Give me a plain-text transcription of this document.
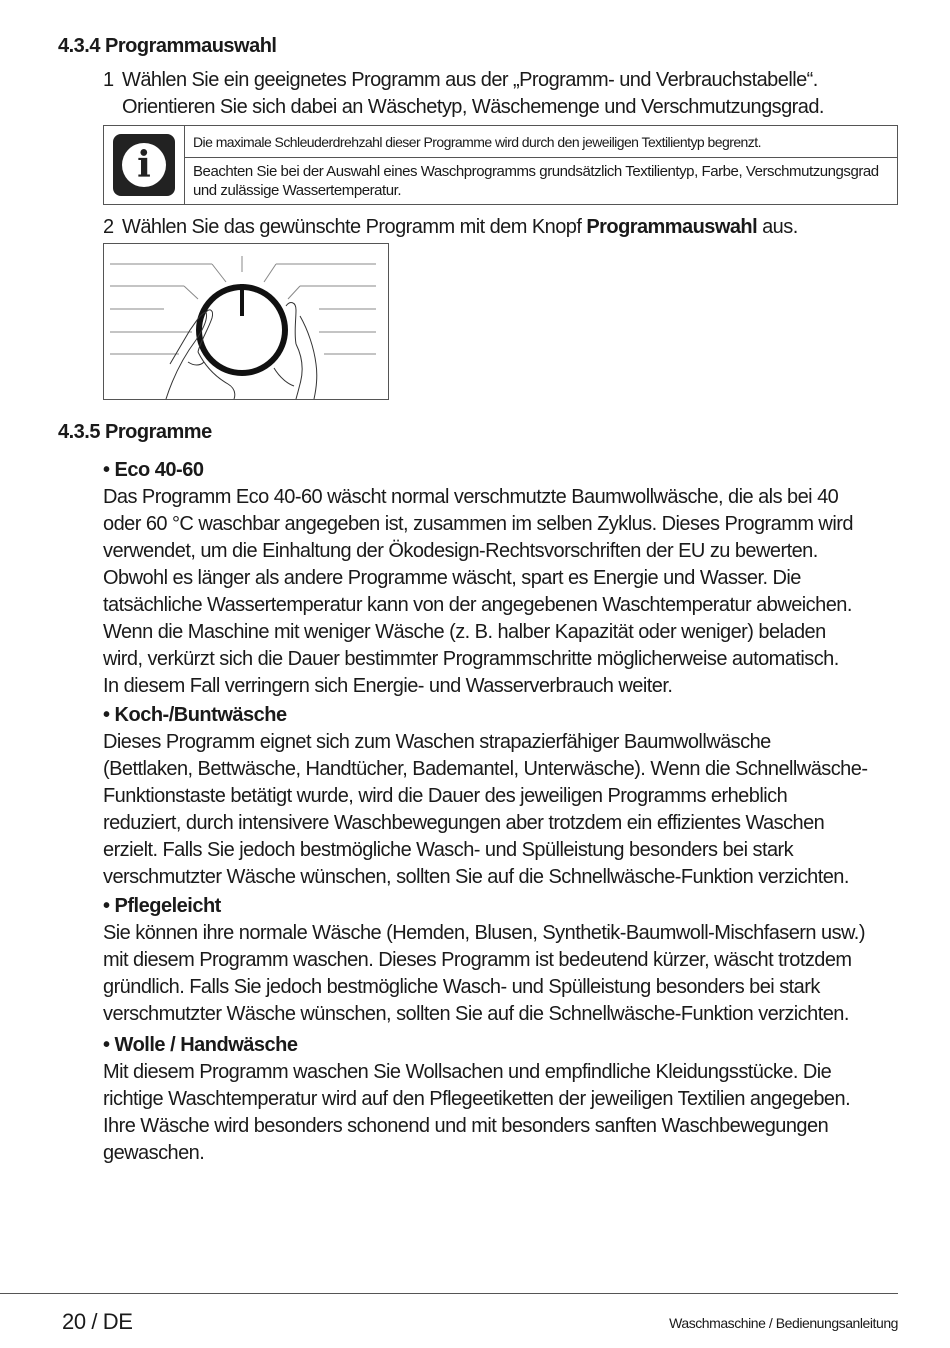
4.3.4 Programmauswahl
1 Wählen Sie ein geeignetes Programm aus der „Programm- und Verbrauchstabelle“.
Orientieren Sie sich dabei an Wäschetyp, Wäschemenge und Verschmutzungsgrad.
i
Die maximale Schleuderdrehzahl dieser Programme wird durch den jeweiligen Textilientyp begrenzt.
Beachten Sie bei der Auswahl eines Waschprogramms grundsätzlich Textilientyp, Farbe, Verschmutzungsgrad und zulässige Wassertemperatur.
2 Wählen Sie das gewünschte Programm mit dem Knopf Programmauswahl aus.
4.3.5 Programme
• Eco 40-60
Das Programm Eco 40-60 wäscht normal verschmutzte Baumwollwäsche, die als bei 40
oder 60 °C waschbar angegeben ist, zusammen im selben Zyklus. Dieses Programm wird
verwendet, um die Einhaltung der Ökodesign-Rechtsvorschriften der EU zu bewerten.
Obwohl es länger als andere Programme wäscht, spart es Energie und Wasser. Die
tatsächliche Wassertemperatur kann von der angegebenen Waschtemperatur abweichen.
Wenn die Maschine mit weniger Wäsche (z. B. halber Kapazität oder weniger) beladen
wird, verkürzt sich die Dauer bestimmter Programmschritte möglicherweise automatisch.
In diesem Fall verringern sich Energie- und Wasserverbrauch weiter.
• Koch-/Buntwäsche
Dieses Programm eignet sich zum Waschen strapazierfähiger Baumwollwäsche
(Bettlaken, Bettwäsche, Handtücher, Bademantel, Unterwäsche). Wenn die Schnellwäsche-
Funktionstaste betätigt wurde, wird die Dauer des jeweiligen Programms erheblich
reduziert, durch intensivere Waschbewegungen aber trotzdem ein effizientes Waschen
erzielt. Falls Sie jedoch bestmögliche Wasch- und Spülleistung besonders bei stark
verschmutzter Wäsche wünschen, sollten Sie auf die Schnellwäsche-Funktion verzichten.
• Pflegeleicht
Sie können ihre normale Wäsche (Hemden, Blusen, Synthetik-Baumwoll-Mischfasern usw.)
mit diesem Programm waschen. Dieses Programm ist bedeutend kürzer, wäscht trotzdem
gründlich. Falls Sie jedoch bestmögliche Wasch- und Spülleistung besonders bei stark
verschmutzter Wäsche wünschen, sollten Sie auf die Schnellwäsche-Funktion verzichten.
• Wolle / Handwäsche
Mit diesem Programm waschen Sie Wollsachen und empfindliche Kleidungsstücke. Die
richtige Waschtemperatur wird auf den Pflegeetiketten der jeweiligen Textilien angegeben.
Ihre Wäsche wird besonders schonend und mit besonders sanften Waschbewegungen
gewaschen.
20 / DE	Waschmaschine / Bedienungsanleitung
